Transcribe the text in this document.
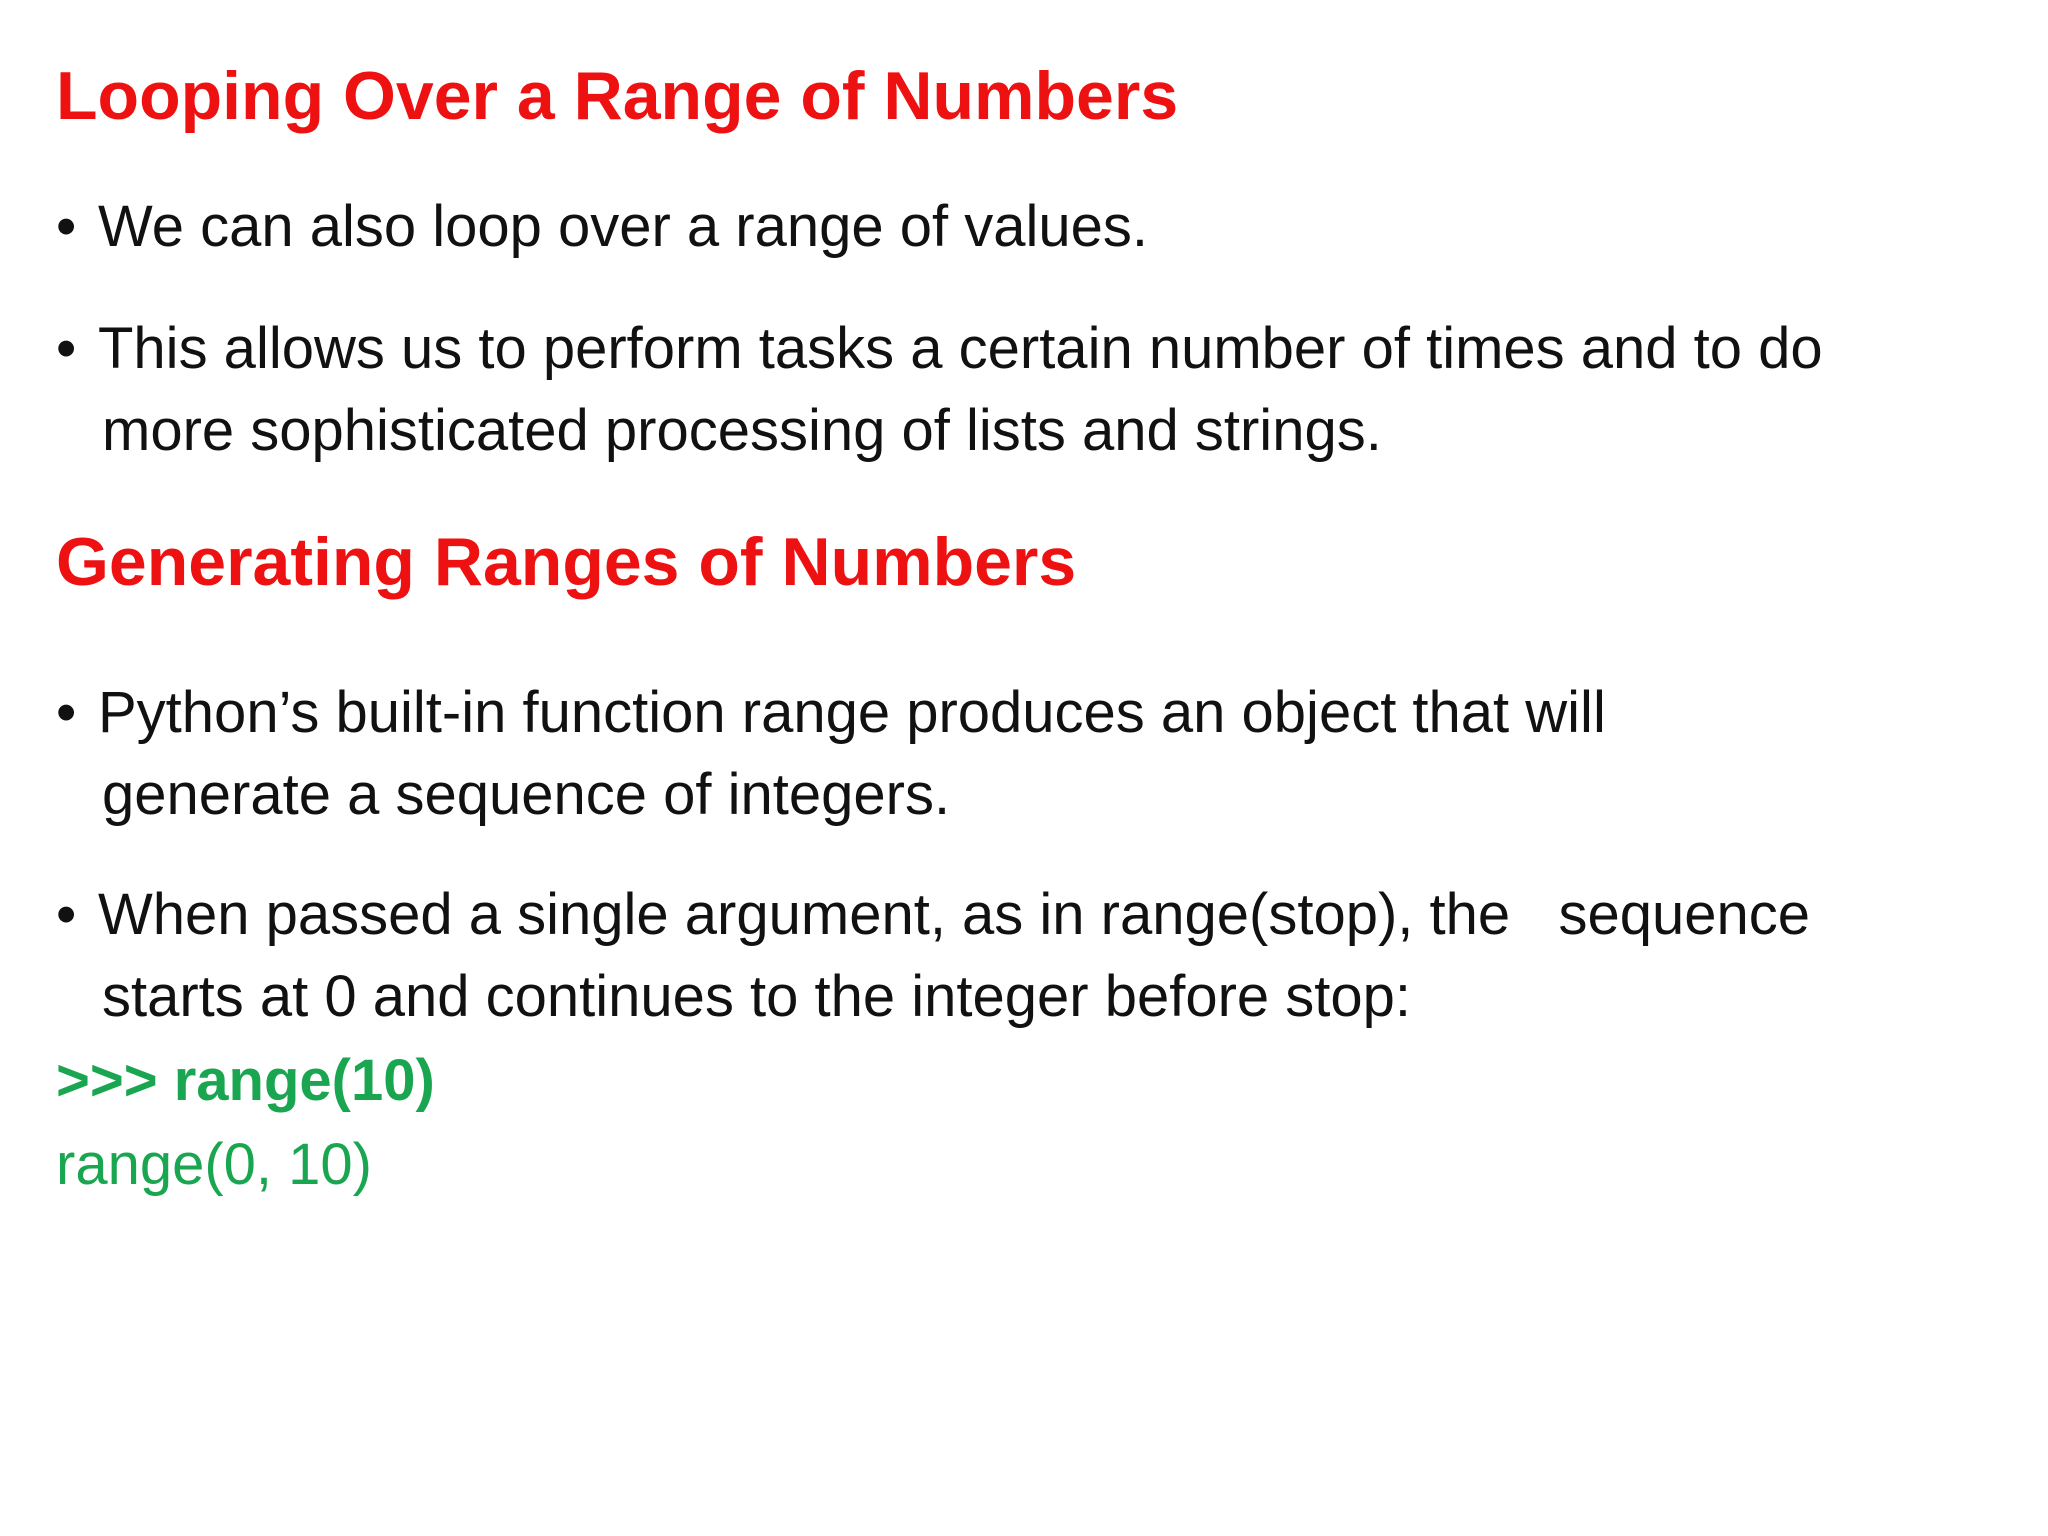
Looping Over a Range of Numbers
• We can also loop over a range of values.
• This allows us to perform tasks a certain number of times and to do
more sophisticated processing of lists and strings.
Generating Ranges of Numbers
• Python’s built-in function range produces an object that will
generate a sequence of integers.
• When passed a single argument, as in range(stop), the   sequence
starts at 0 and continues to the integer before stop:
>>> range(10)
range(0, 10)
